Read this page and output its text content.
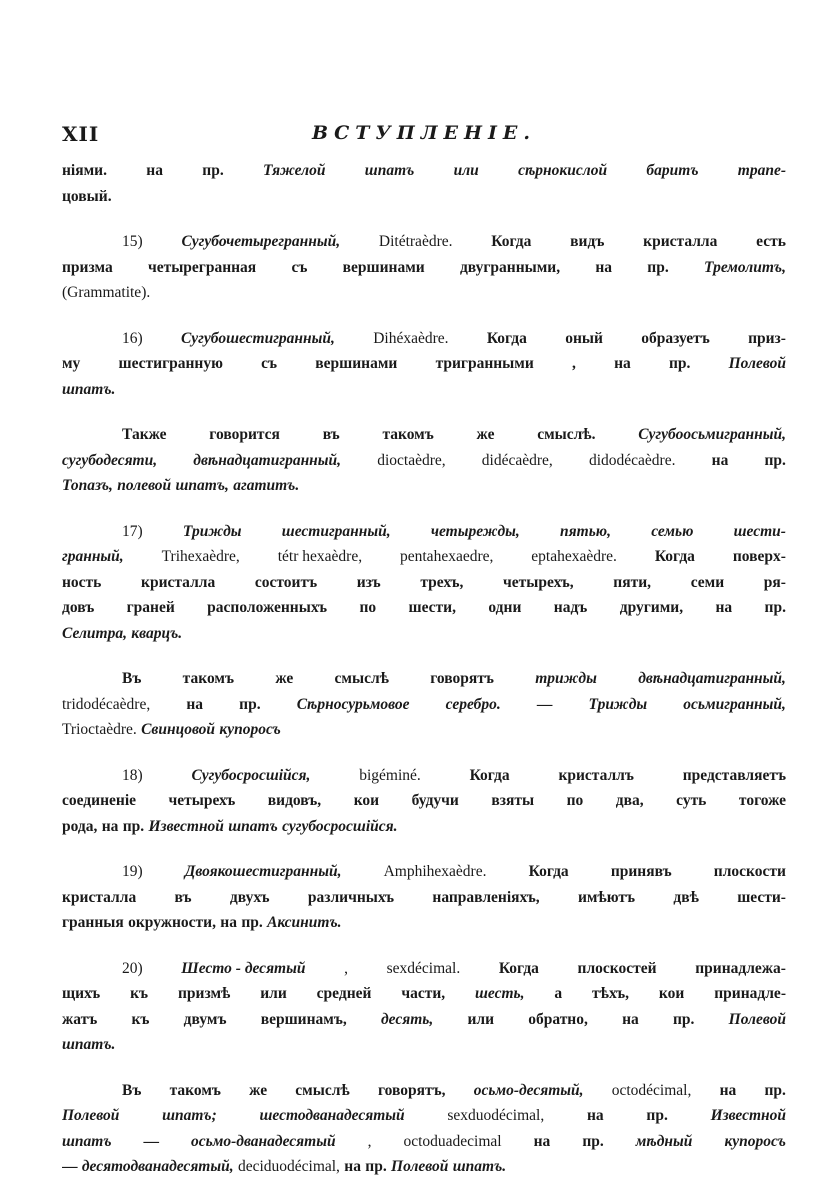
XII	ВСТУПЛЕНІЕ.
ніями.	на	пр.	Тяжелой	шпатъ	или	сѣрнокислой	баритъ	трапе-
цовый.
15)	Сугубочетырегранный,	Ditétraèdre.	Когда	видъ	кристалла	есть
призма четырегранная съ вершинами двугранными, на пр. Тремолитъ,
(Grammatite).
16) Сугубошестигранный, Dihéxaèdre. Когда оный образуетъ приз-
му шестигранную съ вершинами тригранными , на пр. Полевой
шпатъ.
Также	говорится	въ	такомъ	же	смыслѣ.	Сугубоосьмигранный,
сугубодесяти, двѣнадцатигранный, dioctaèdre, didécaèdre, didodécaèdre. на пр.
Топазъ, полевой шпатъ, агатитъ.
17)	Трижды	шестигранный,	четырежды,	пятью,	семью	шести-
гранный, Trihexaèdre, tétr hexaèdre, pentahexaedre, eptahexaèdre. Когда поверх-
ность	кристалла	состоитъ	изъ	трехъ,	четырехъ,	пяти,	семи	ря-
довъ граней расположенныхъ по шести, одни надъ другими, на пр.
Селитра, кварцъ.
Въ	такомъ	же	смыслѣ	говорятъ	трижды	двѣнадцатигранный,
tridodécaèdre, на пр. Сѣрносурьмовое серебро. — Трижды осьмигранный,
Trioctaèdre. Свинцовой купоросъ
18)	Сугубосросшійся,	bigéminé.	Когда	кристаллъ	представляетъ
соединеніе четырехъ видовъ, кои будучи взяты по два, суть тогоже
рода, на пр. Известной шпатъ сугубосросшійся.
19)	Двоякошестигранный,	Amphihexaèdre.	Когда	принявъ	плоскости
кристалла въ двухъ различныхъ направленіяхъ, имѣютъ двѣ шести-
гранныя окружности, на пр. Аксинитъ.
20) Шесто - десятый , sexdécimal. Когда плоскостей принадлежа-
щихъ къ призмѣ или средней части, шесть, а тѣхъ, кои принадле-
жатъ къ двумъ вершинамъ, десять, или обратно, на пр. Полевой
шпатъ.
Въ такомъ же смыслѣ говорятъ, осьмо-десятый, octodécimal, на пр.
Полевой	шпатъ;	шестодванадесятый	sexduodécimal,	на	пр.	Известной
шпатъ — осьмо-дванадесятый , octoduadecimal на пр. мѣдный купоросъ
— десятодванадесятый, deciduodécimal, на пр. Полевой шпатъ.
